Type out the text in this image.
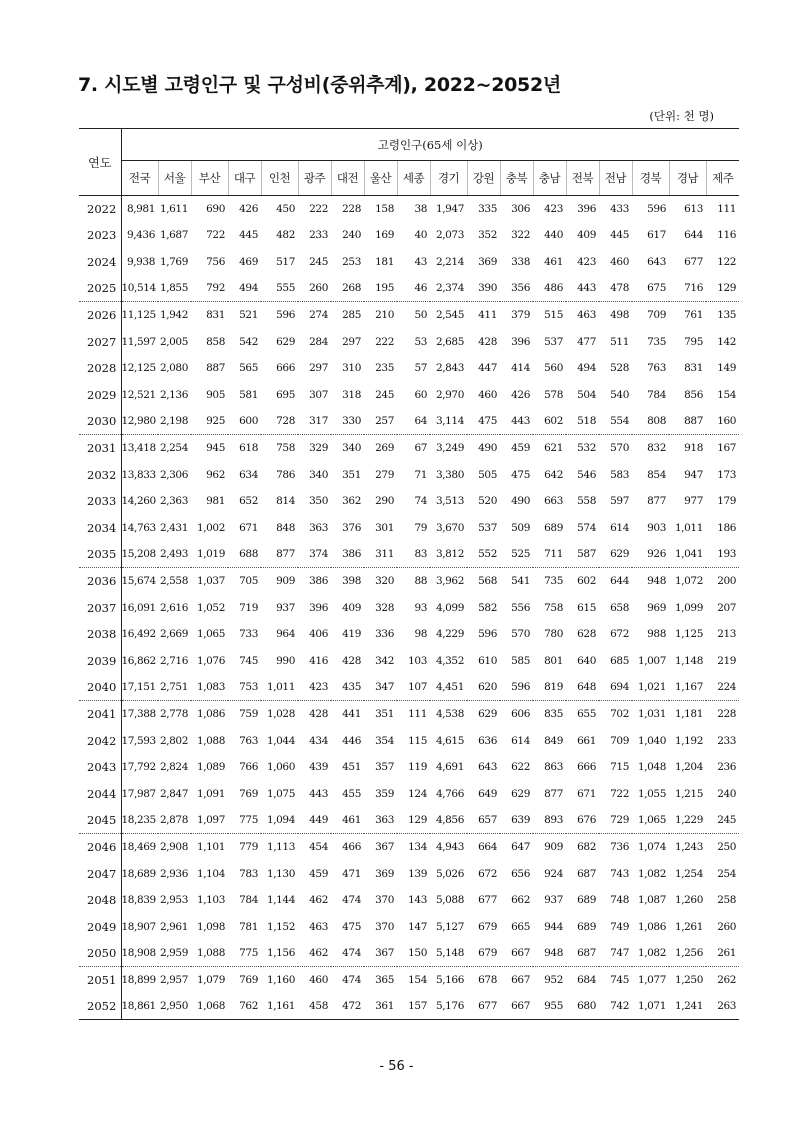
7. 시도별 고령인구 및 구성비(중위추계), 2022~2052년
(단위: 천 명)
연도	고령인구(65세 이상)																	
	전국	서울	부산	대구	인천	광주	대전	울산	세종	경기	강원	충북	충남	전북	전남	경북	경남	제주
2022	8,981	1,611	690	426	450	222	228	158	38	1,947	335	306	423	396	433	596	613	111
2023	9,436	1,687	722	445	482	233	240	169	40	2,073	352	322	440	409	445	617	644	116
2024	9,938	1,769	756	469	517	245	253	181	43	2,214	369	338	461	423	460	643	677	122
2025	10,514	1,855	792	494	555	260	268	195	46	2,374	390	356	486	443	478	675	716	129
2026	11,125	1,942	831	521	596	274	285	210	50	2,545	411	379	515	463	498	709	761	135
2027	11,597	2,005	858	542	629	284	297	222	53	2,685	428	396	537	477	511	735	795	142
2028	12,125	2,080	887	565	666	297	310	235	57	2,843	447	414	560	494	528	763	831	149
2029	12,521	2,136	905	581	695	307	318	245	60	2,970	460	426	578	504	540	784	856	154
2030	12,980	2,198	925	600	728	317	330	257	64	3,114	475	443	602	518	554	808	887	160
2031	13,418	2,254	945	618	758	329	340	269	67	3,249	490	459	621	532	570	832	918	167
2032	13,833	2,306	962	634	786	340	351	279	71	3,380	505	475	642	546	583	854	947	173
2033	14,260	2,363	981	652	814	350	362	290	74	3,513	520	490	663	558	597	877	977	179
2034	14,763	2,431	1,002	671	848	363	376	301	79	3,670	537	509	689	574	614	903	1,011	186
2035	15,208	2,493	1,019	688	877	374	386	311	83	3,812	552	525	711	587	629	926	1,041	193
2036	15,674	2,558	1,037	705	909	386	398	320	88	3,962	568	541	735	602	644	948	1,072	200
2037	16,091	2,616	1,052	719	937	396	409	328	93	4,099	582	556	758	615	658	969	1,099	207
2038	16,492	2,669	1,065	733	964	406	419	336	98	4,229	596	570	780	628	672	988	1,125	213
2039	16,862	2,716	1,076	745	990	416	428	342	103	4,352	610	585	801	640	685	1,007	1,148	219
2040	17,151	2,751	1,083	753	1,011	423	435	347	107	4,451	620	596	819	648	694	1,021	1,167	224
2041	17,388	2,778	1,086	759	1,028	428	441	351	111	4,538	629	606	835	655	702	1,031	1,181	228
2042	17,593	2,802	1,088	763	1,044	434	446	354	115	4,615	636	614	849	661	709	1,040	1,192	233
2043	17,792	2,824	1,089	766	1,060	439	451	357	119	4,691	643	622	863	666	715	1,048	1,204	236
2044	17,987	2,847	1,091	769	1,075	443	455	359	124	4,766	649	629	877	671	722	1,055	1,215	240
2045	18,235	2,878	1,097	775	1,094	449	461	363	129	4,856	657	639	893	676	729	1,065	1,229	245
2046	18,469	2,908	1,101	779	1,113	454	466	367	134	4,943	664	647	909	682	736	1,074	1,243	250
2047	18,689	2,936	1,104	783	1,130	459	471	369	139	5,026	672	656	924	687	743	1,082	1,254	254
2048	18,839	2,953	1,103	784	1,144	462	474	370	143	5,088	677	662	937	689	748	1,087	1,260	258
2049	18,907	2,961	1,098	781	1,152	463	475	370	147	5,127	679	665	944	689	749	1,086	1,261	260
2050	18,908	2,959	1,088	775	1,156	462	474	367	150	5,148	679	667	948	687	747	1,082	1,256	261
2051	18,899	2,957	1,079	769	1,160	460	474	365	154	5,166	678	667	952	684	745	1,077	1,250	262
2052	18,861	2,950	1,068	762	1,161	458	472	361	157	5,176	677	667	955	680	742	1,071	1,241	263
- 56 -
